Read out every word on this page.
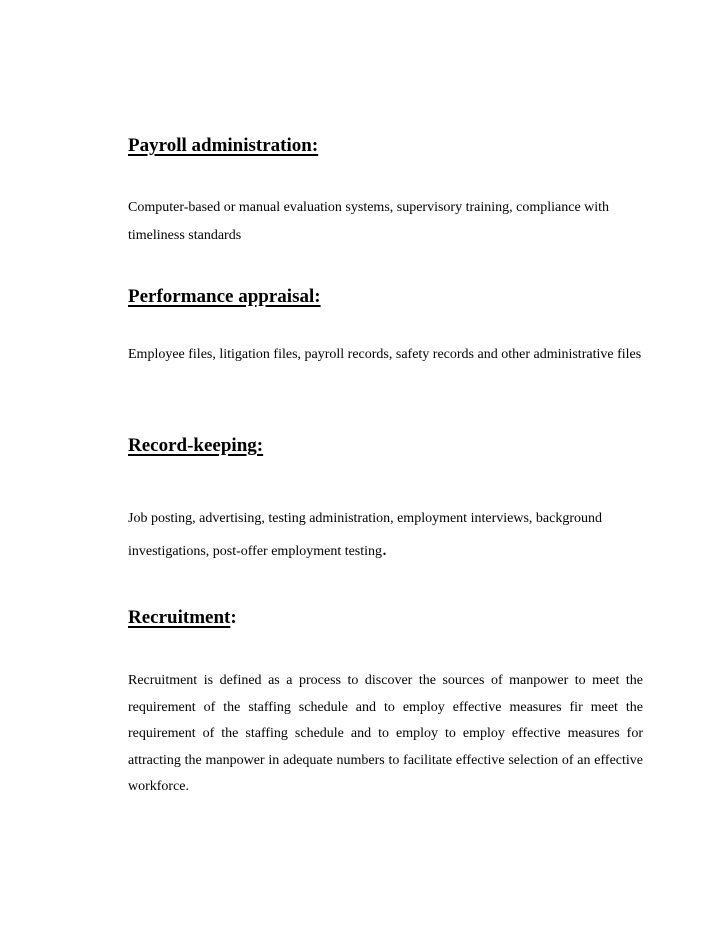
Payroll administration:

Computer-based or manual evaluation systems, supervisory training, compliance with timeliness standards

Performance appraisal:

Employee files, litigation files, payroll records, safety records and other administrative files

Record-keeping:

Job posting, advertising, testing administration, employment interviews, background investigations, post-offer employment testing.

Recruitment:

Recruitment is defined as a process to discover the sources of manpower to meet the requirement of the staffing schedule and to employ effective measures fir meet the requirement of the staffing schedule and to employ to employ effective measures for attracting the manpower in adequate numbers to facilitate effective selection of an effective workforce.
